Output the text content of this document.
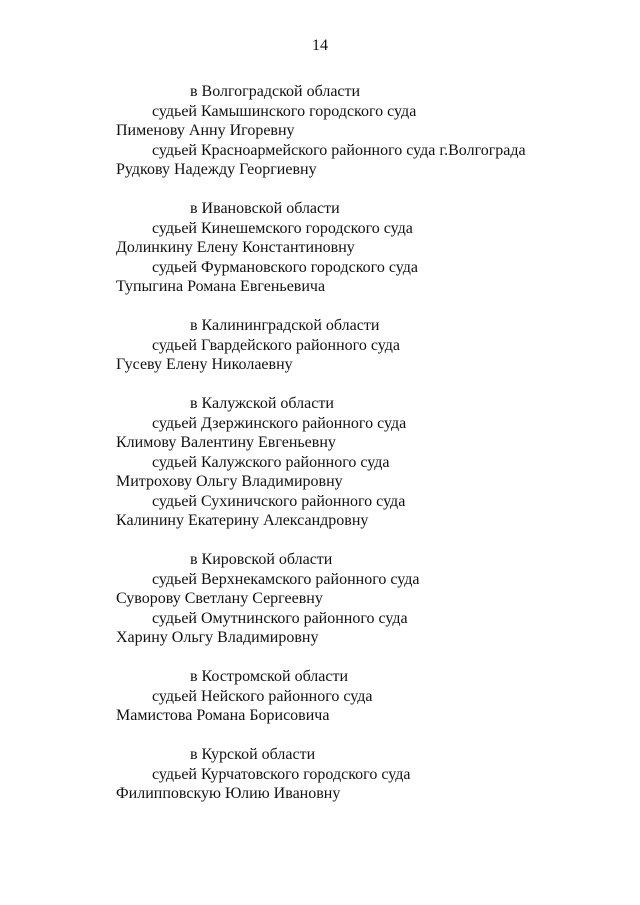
14
в Волгоградской области
судьей Камышинского городского суда
Пименову Анну Игоревну
судьей Красноармейского районного суда г.Волгограда
Рудкову Надежду Георгиевну
в Ивановской области
судьей Кинешемского городского суда
Долинкину Елену Константиновну
судьей Фурмановского городского суда
Тупыгина Романа Евгеньевича
в Калининградской области
судьей Гвардейского районного суда
Гусеву Елену Николаевну
в Калужской области
судьей Дзержинского районного суда
Климову Валентину Евгеньевну
судьей Калужского районного суда
Митрохову Ольгу Владимировну
судьей Сухиничского районного суда
Калинину Екатерину Александровну
в Кировской области
судьей Верхнекамского районного суда
Суворову Светлану Сергеевну
судьей Омутнинского районного суда
Харину Ольгу Владимировну
в Костромской области
судьей Нейского районного суда
Мамистова Романа Борисовича
в Курской области
судьей Курчатовского городского суда
Филипповскую Юлию Ивановну
